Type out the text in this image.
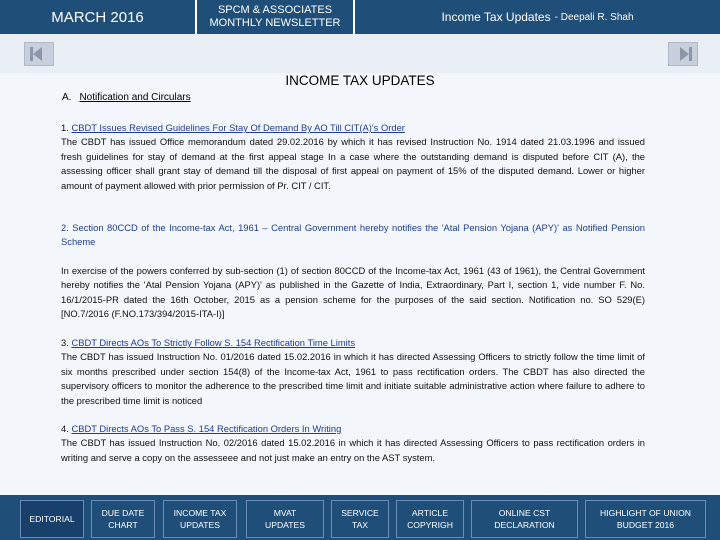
MARCH 2016	SPCM & ASSOCIATES
MONTHLY NEWSLETTER	Income Tax Updates - Deepali R. Shah
INCOME TAX UPDATES
A. Notification and Circulars
1. CBDT Issues Revised Guidelines For Stay Of Demand By AO Till CIT(A)'s Order
The CBDT has issued Office memorandum dated 29.02.2016 by which it has revised Instruction No. 1914 dated 21.03.1996 and issued fresh guidelines for stay of demand at the first appeal stage In a case where the outstanding demand is disputed before CIT (A), the assessing officer shall grant stay of demand till the disposal of first appeal on payment of 15% of the disputed demand. Lower or higher amount of payment allowed with prior permission of Pr. CIT / CIT.
2. Section 80CCD of the Income-tax Act, 1961 – Central Government hereby notifies the 'Atal Pension Yojana (APY)' as Notified Pension Scheme
In exercise of the powers conferred by sub-section (1) of section 80CCD of the Income-tax Act, 1961 (43 of 1961), the Central Government hereby notifies the 'Atal Pension Yojana (APY)' as published in the Gazette of India, Extraordinary, Part I, section 1, vide number F. No. 16/1/2015-PR dated the 16th October, 2015 as a pension scheme for the purposes of the said section. Notification no. SO 529(E) [NO.7/2016 (F.NO.173/394/2015-ITA-I)]
3. CBDT Directs AOs To Strictly Follow S. 154 Rectification Time Limits
The CBDT has issued Instruction No. 01/2016 dated 15.02.2016 in which it has directed Assessing Officers to strictly follow the time limit of six months prescribed under section 154(8) of the Income-tax Act, 1961 to pass rectification orders. The CBDT has also directed the supervisory officers to monitor the adherence to the prescribed time limit and initiate suitable administrative action where failure to adhere to the prescribed time limit is noticed
4. CBDT Directs AOs To Pass S. 154 Rectification Orders In Writing
The CBDT has issued Instruction No. 02/2016 dated 15.02.2016 in which it has directed Assessing Officers to pass rectification orders in writing and serve a copy on the assesseee and not just make an entry on the AST system.
EDITORIAL
DUE DATE
CHART
INCOME TAX
UPDATES
MVAT
UPDATES
SERVICE
TAX
ARTICLE
COPYRIGH
ONLINE CST
DECLARATION
HIGHLIGHT OF UNION
BUDGET 2016
